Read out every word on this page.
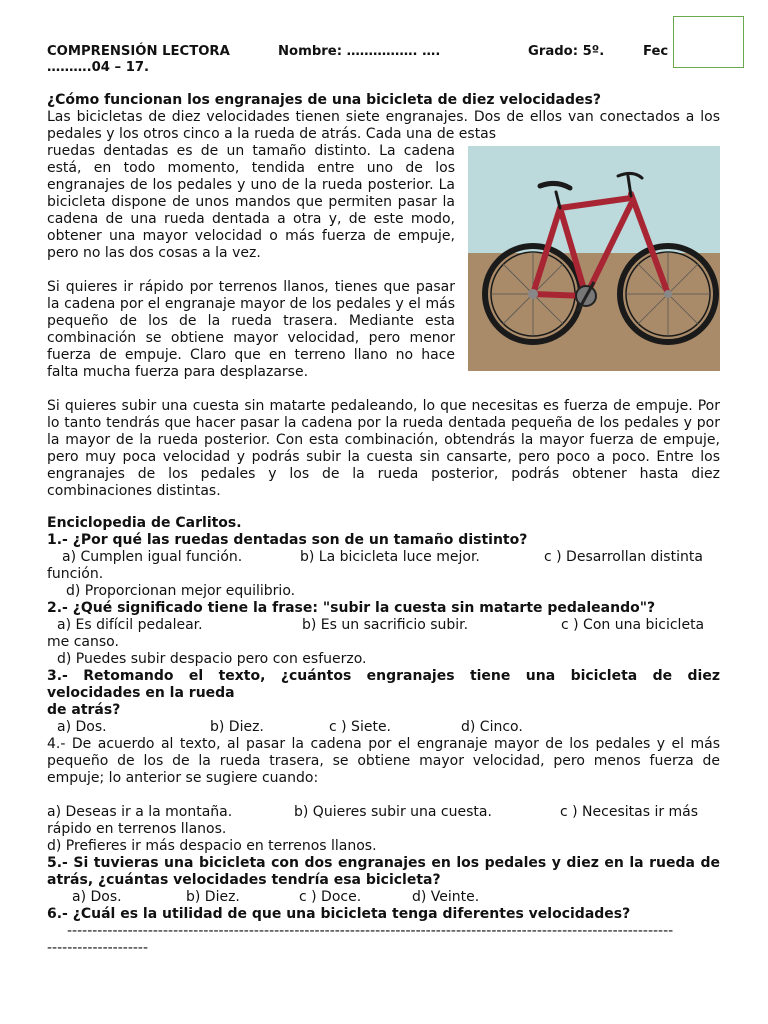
COMPRENSIÓN LECTORA	Nombre: ……………. ….	Grado: 5º.	Fec
……….04 – 17.
¿Cómo funcionan los engranajes de una bicicleta de diez velocidades?
Las bicicletas de diez velocidades tienen siete engranajes. Dos de ellos van conectados a los pedales y los otros cinco a la rueda de atrás. Cada una de estas
ruedas dentadas es de un tamaño distinto. La cadena está, en todo momento, tendida entre uno de los engranajes de los pedales y uno de la rueda posterior. La bicicleta dispone de unos mandos que permiten pasar la cadena de una rueda dentada a otra y, de este modo, obtener una mayor velocidad o más fuerza de empuje, pero no las dos cosas a la vez.
Si quieres ir rápido por terrenos llanos, tienes que pasar la cadena por el engranaje mayor de los pedales y el más pequeño de los de la rueda trasera. Mediante esta combinación se obtiene mayor velocidad, pero menor fuerza de empuje. Claro que en terreno llano no hace falta mucha fuerza para desplazarse.
Si quieres subir una cuesta sin matarte pedaleando, lo que necesitas es fuerza de empuje. Por lo tanto tendrás que hacer pasar la cadena por la rueda dentada pequeña de los pedales y por la mayor de la rueda posterior. Con esta combinación, obtendrás la mayor fuerza de empuje, pero muy poca velocidad y podrás subir la cuesta sin cansarte, pero poco a poco. Entre los engranajes de los pedales y los de la rueda posterior, podrás obtener hasta diez combinaciones distintas.
Enciclopedia de Carlitos.
1.- ¿Por qué las ruedas dentadas son de un tamaño distinto?
a) Cumplen igual función.	b) La bicicleta luce mejor.	c ) Desarrollan distinta
función.
d) Proporcionan mejor equilibrio.
2.- ¿Qué significado tiene la frase: "subir la cuesta sin matarte pedaleando"?
a) Es difícil pedalear.	b) Es un sacrificio subir.	c ) Con una bicicleta
me canso.
d) Puedes subir despacio pero con esfuerzo.
3.- Retomando el texto, ¿cuántos engranajes tiene una bicicleta de diez
velocidades en la rueda
de atrás?
a) Dos.	b) Diez.	c ) Siete.	d) Cinco.
4.- De acuerdo al texto, al pasar la cadena por el engranaje mayor de los pedales y el más pequeño de los de la rueda trasera, se obtiene mayor velocidad, pero menos fuerza de empuje; lo anterior se sugiere cuando:
a) Deseas ir a la montaña.	b) Quieres subir una cuesta.	c ) Necesitas ir más
rápido en terrenos llanos.
d) Prefieres ir más despacio en terrenos llanos.
5.- Si tuvieras una bicicleta con dos engranajes en los pedales y diez en la rueda de atrás, ¿cuántas velocidades tendría esa bicicleta?
a) Dos.	b) Diez.	c ) Doce.	d) Veinte.
6.- ¿Cuál es la utilidad de que una bicicleta tenga diferentes velocidades?
------------------------------------------------------------------------------------------------------------------------
--------------------
